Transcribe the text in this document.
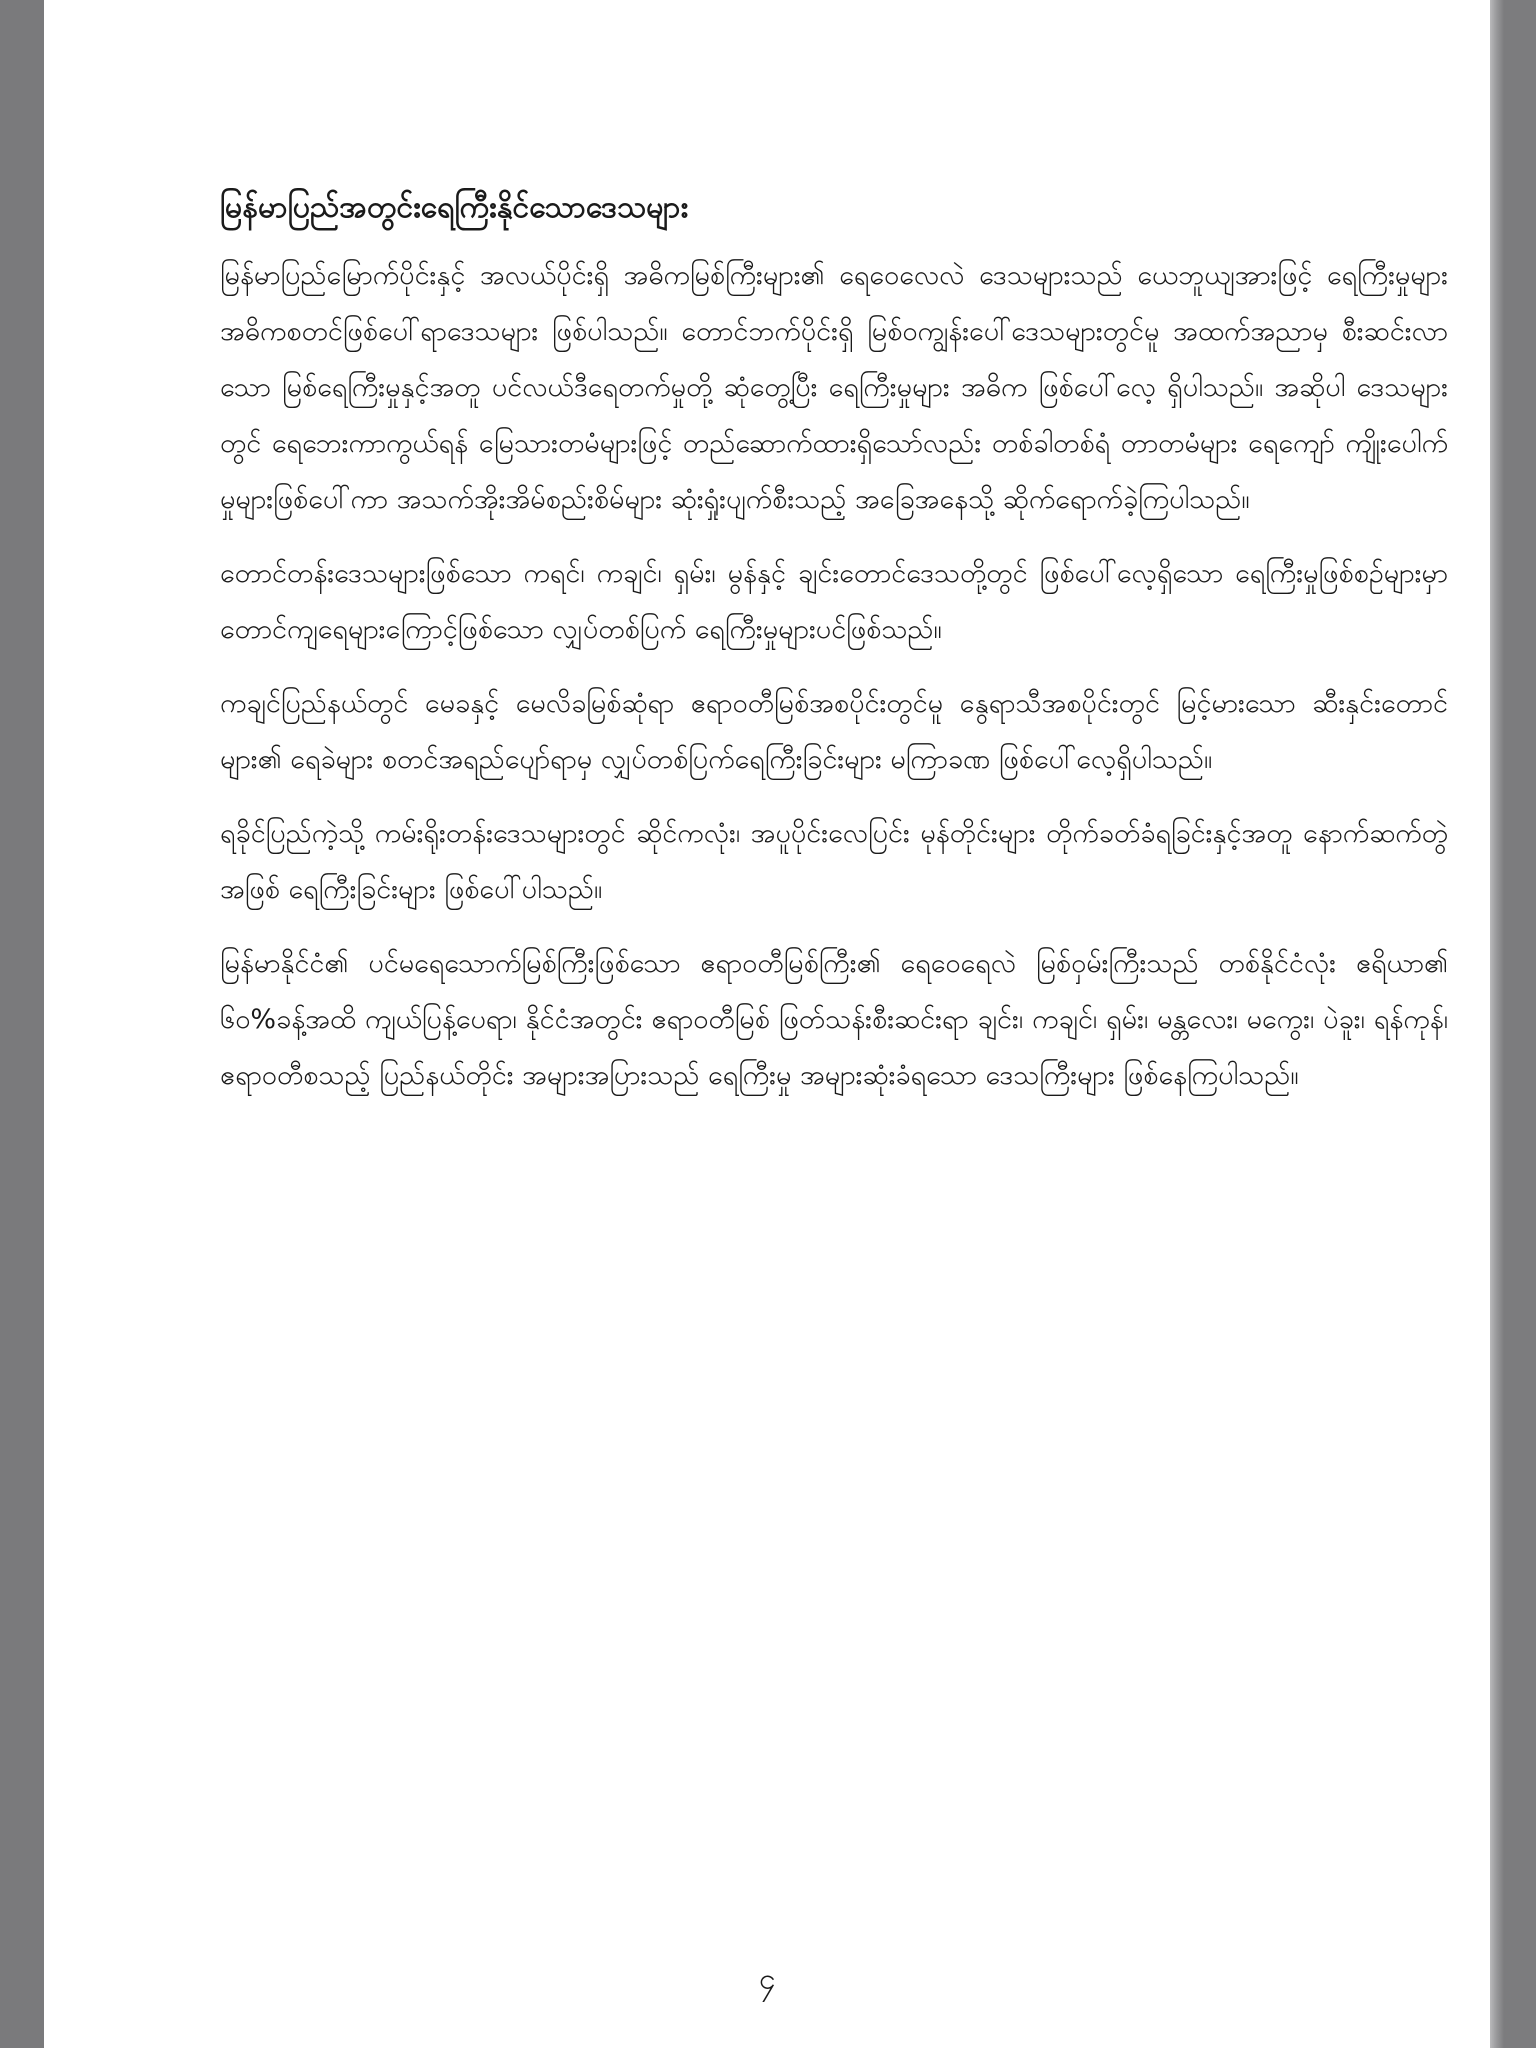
မြန်မာပြည်အတွင်းရေကြီးနိုင်သောဒေသများ

မြန်မာပြည်မြောက်ပိုင်းနှင့် အလယ်ပိုင်းရှိ အဓိကမြစ်ကြီးများ၏ ရေဝေလေလဲ ဒေသများသည် ယေဘူယျအားဖြင့် ရေကြီးမှုများ အဓိကစတင်ဖြစ်ပေါ်ရာဒေသများ ဖြစ်ပါသည်။ တောင်ဘက်ပိုင်းရှိ မြစ်ဝကျွန်းပေါ်ဒေသများတွင်မူ အထက်အညာမှ စီးဆင်းလာသော မြစ်ရေကြီးမှုနှင့်အတူ ပင်လယ်ဒီရေတက်မှုတို့ ဆုံတွေ့ပြီး ရေကြီးမှုများ အဓိက ဖြစ်ပေါ်လေ့ ရှိပါသည်။ အဆိုပါ ဒေသများတွင် ရေဘေးကာကွယ်ရန် မြေသားတမံများဖြင့် တည်ဆောက်ထားရှိသော်လည်း တစ်ခါတစ်ရံ တာတမံများ ရေကျော် ကျိုးပေါက်မှုများဖြစ်ပေါ်ကာ အသက်အိုးအိမ်စည်းစိမ်များ ဆုံးရှုံးပျက်စီးသည့် အခြေအနေသို့ ဆိုက်ရောက်ခဲ့ကြပါသည်။

တောင်တန်းဒေသများဖြစ်သော ကရင်၊ ကချင်၊ ရှမ်း၊ မွန်နှင့် ချင်းတောင်ဒေသတို့တွင် ဖြစ်ပေါ်လေ့ရှိသော ရေကြီးမှုဖြစ်စဉ်များမှာ တောင်ကျရေများကြောင့်ဖြစ်သော လျှပ်တစ်ပြက် ရေကြီးမှုများပင်ဖြစ်သည်။

ကချင်ပြည်နယ်တွင် မေခနှင့် မေလိခမြစ်ဆုံရာ ဧရာဝတီမြစ်အစပိုင်းတွင်မူ နွေရာသီအစပိုင်းတွင် မြင့်မားသော ဆီးနှင်းတောင်များ၏ ရေခဲများ စတင်အရည်ပျော်ရာမှ လျှပ်တစ်ပြက်ရေကြီးခြင်းများ မကြာခဏ ဖြစ်ပေါ်လေ့ရှိပါသည်။

ရခိုင်ပြည်ကဲ့သို့ ကမ်းရိုးတန်းဒေသများတွင် ဆိုင်ကလုံး၊ အပူပိုင်းလေပြင်း မုန်တိုင်းများ တိုက်ခတ်ခံရခြင်းနှင့်အတူ နောက်ဆက်တွဲအဖြစ် ရေကြီးခြင်းများ ဖြစ်ပေါ်ပါသည်။

မြန်မာနိုင်ငံ၏ ပင်မရေသောက်မြစ်ကြီးဖြစ်သော ဧရာဝတီမြစ်ကြီး၏ ရေဝေရေလဲ မြစ်ဝှမ်းကြီးသည် တစ်နိုင်ငံလုံး ဧရိယာ၏ ၆၀%ခန့်အထိ ကျယ်ပြန့်ပေရာ၊ နိုင်ငံအတွင်း ဧရာဝတီမြစ် ဖြတ်သန်းစီးဆင်းရာ ချင်း၊ ကချင်၊ ရှမ်း၊ မန္တလေး၊ မကွေး၊ ပဲခူး၊ ရန်ကုန်၊ ဧရာဝတီစသည့် ပြည်နယ်တိုင်း အများအပြားသည် ရေကြီးမှု အများဆုံးခံရသော ဒေသကြီးများ ဖြစ်နေကြပါသည်။

၄
